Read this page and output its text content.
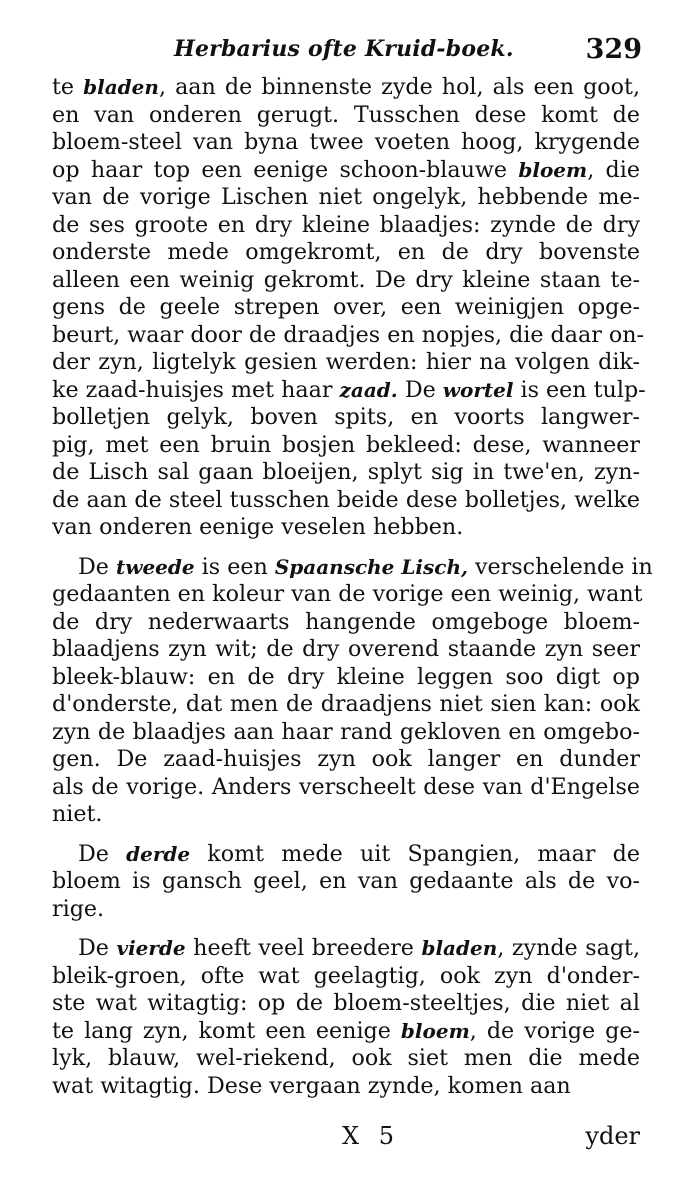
Herbarius ofte Kruid-boek.	329
te bladen, aan de binnenste zyde hol, als een goot,
en van onderen gerugt. Tusschen dese komt de
bloem-steel van byna twee voeten hoog, krygende
op haar top een eenige schoon-blauwe bloem, die
van de vorige Lischen niet ongelyk, hebbende me-
de ses groote en dry kleine blaadjes: zynde de dry
onderste mede omgekromt, en de dry bovenste
alleen een weinig gekromt. De dry kleine staan te-
gens de geele strepen over, een weinigjen opge-
beurt, waar door de draadjes en nopjes, die daar on-
der zyn, ligtelyk gesien werden: hier na volgen dik-
ke zaad-huisjes met haar zaad. De wortel is een tulp-
bolletjen gelyk, boven spits, en voorts langwer-
pig, met een bruin bosjen bekleed: dese, wanneer
de Lisch sal gaan bloeijen, splyt sig in twe'en, zyn-
de aan de steel tusschen beide dese bolletjes, welke
van onderen eenige veselen hebben.
De tweede is een Spaansche Lisch, verschelende in
gedaanten en koleur van de vorige een weinig, want
de dry nederwaarts hangende omgeboge bloem-
blaadjens zyn wit; de dry overend staande zyn seer
bleek-blauw: en de dry kleine leggen soo digt op
d'onderste, dat men de draadjens niet sien kan: ook
zyn de blaadjes aan haar rand gekloven en omgebo-
gen. De zaad-huisjes zyn ook langer en dunder
als de vorige. Anders verscheelt dese van d'Engelse
niet.
De derde komt mede uit Spangien, maar de
bloem is gansch geel, en van gedaante als de vo-
rige.
De vierde heeft veel breedere bladen, zynde sagt,
bleik-groen, ofte wat geelagtig, ook zyn d'onder-
ste wat witagtig: op de bloem-steeltjes, die niet al
te lang zyn, komt een eenige bloem, de vorige ge-
lyk, blauw, wel-riekend, ook siet men die mede
wat witagtig. Dese vergaan zynde, komen aan
X 5	yder
